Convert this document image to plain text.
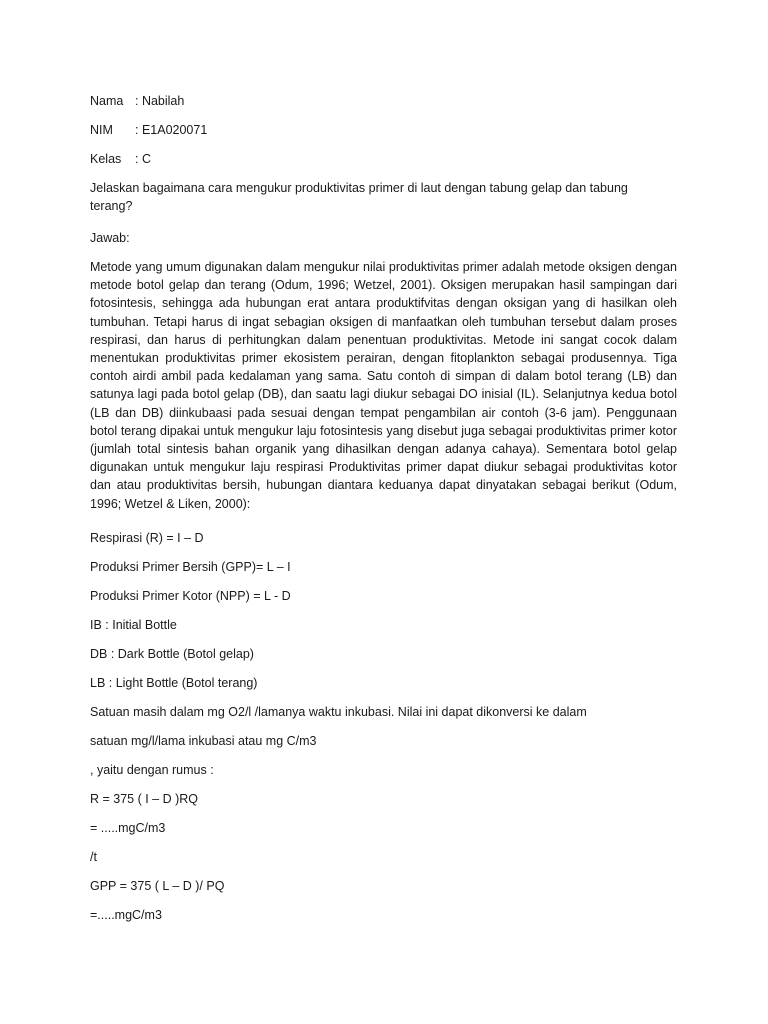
Nama : Nabilah

NIM : E1A020071

Kelas : C

Jelaskan bagaimana cara mengukur produktivitas primer di laut dengan tabung gelap dan tabung terang?

Jawab:

Metode yang umum digunakan dalam mengukur nilai produktivitas primer adalah metode oksigen dengan metode botol gelap dan terang (Odum, 1996; Wetzel, 2001). Oksigen merupakan hasil sampingan dari fotosintesis, sehingga ada hubungan erat antara produktifvitas dengan oksigan yang di hasilkan oleh tumbuhan. Tetapi harus di ingat sebagian oksigen di manfaatkan oleh tumbuhan tersebut dalam proses respirasi, dan harus di perhitungkan dalam penentuan produktivitas. Metode ini sangat cocok dalam menentukan produktivitas primer ekosistem perairan, dengan fitoplankton sebagai produsennya. Tiga contoh airdi ambil pada kedalaman yang sama. Satu contoh di simpan di dalam botol terang (LB) dan satunya lagi pada botol gelap (DB), dan saatu lagi diukur sebagai DO inisial (IL). Selanjutnya kedua botol (LB dan DB) diinkubaasi pada sesuai dengan tempat pengambilan air contoh (3-6 jam). Penggunaan botol terang dipakai untuk mengukur laju fotosintesis yang disebut juga sebagai produktivitas primer kotor (jumlah total sintesis bahan organik yang dihasilkan dengan adanya cahaya). Sementara botol gelap digunakan untuk mengukur laju respirasi Produktivitas primer dapat diukur sebagai produktivitas kotor dan atau produktivitas bersih, hubungan diantara keduanya dapat dinyatakan sebagai berikut (Odum, 1996; Wetzel & Liken, 2000):

Respirasi (R) = I – D

Produksi Primer Bersih (GPP)= L – I

Produksi Primer Kotor (NPP) = L - D

IB : Initial Bottle

DB : Dark Bottle (Botol gelap)

LB : Light Bottle (Botol terang)

Satuan masih dalam mg O2/l /lamanya waktu inkubasi. Nilai ini dapat dikonversi ke dalam

satuan mg/l/lama inkubasi atau mg C/m3

, yaitu dengan rumus :

R = 375 ( I – D )RQ

= .....mgC/m3

/t

GPP = 375 ( L – D )/ PQ

=.....mgC/m3
